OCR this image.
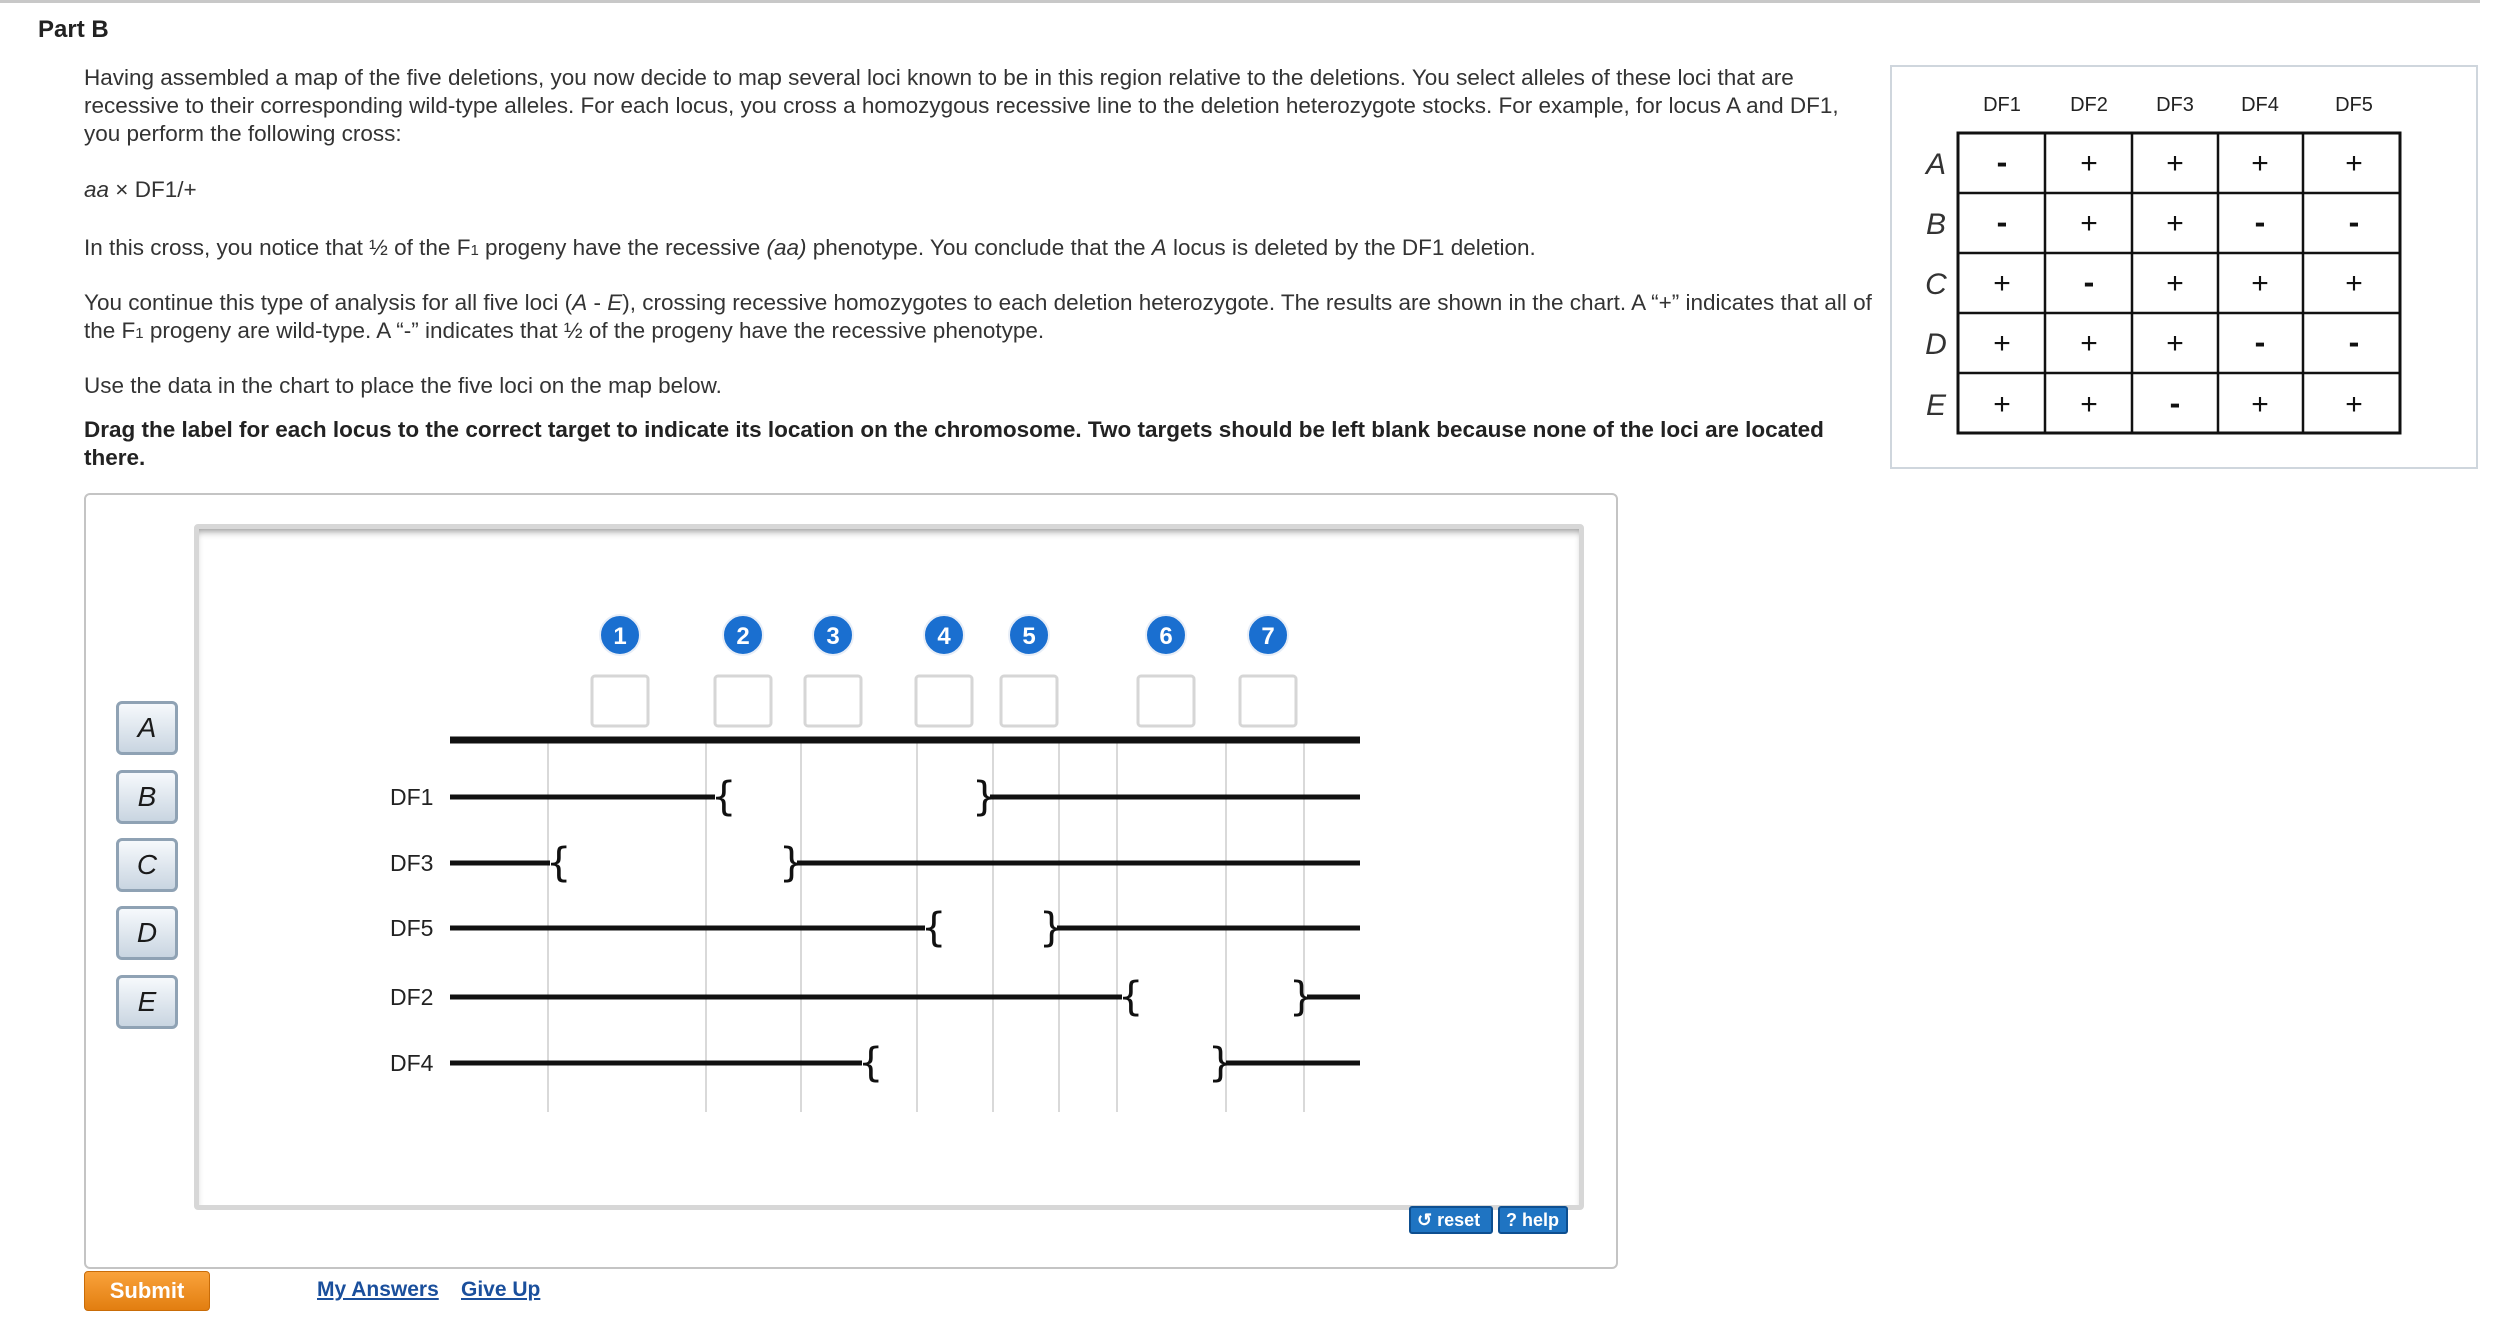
Part B

Having assembled a map of the five deletions, you now decide to map several loci known to be in this region relative to the deletions. You select alleles of these loci that are recessive to their corresponding wild-type alleles. For each locus, you cross a homozygous recessive line to the deletion heterozygote stocks. For example, for locus A and DF1, you perform the following cross:

aa × DF1/+

In this cross, you notice that ½ of the F1 progeny have the recessive (aa) phenotype. You conclude that the A locus is deleted by the DF1 deletion.

You continue this type of analysis for all five loci (A - E), crossing recessive homozygotes to each deletion heterozygote. The results are shown in the chart. A “+” indicates that all of the F1 progeny are wild-type. A “-” indicates that ½ of the progeny have the recessive phenotype.

Use the data in the chart to place the five loci on the map below.

Drag the label for each locus to the correct target to indicate its location on the chromosome. Two targets should be left blank because none of the loci are located there.

DF1 DF2 DF3 DF4	DF5
A - + + +	+
B - + + -	-
C + - + +	+
D + + + -	-
E + + - +	+
1	2	3	4	5	6	7
DF1	{	}
DF3	{	}
DF5	{ }
DF2	{	}
DF4	{	}
A
B
C
D
E
↺ reset ? help
Submit	My Answers Give Up
